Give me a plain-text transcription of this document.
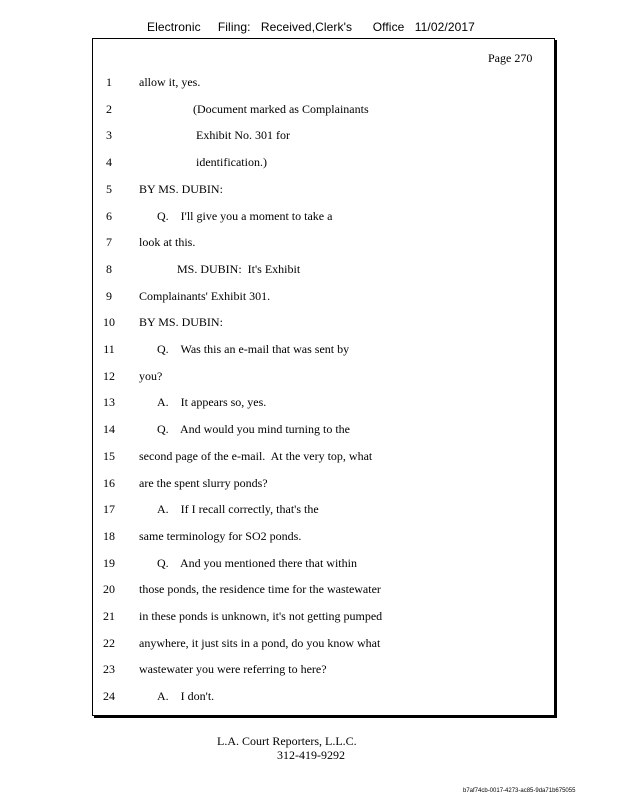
Electronic     Filing:   Received,Clerk's      Office   11/02/2017
Page 270
1	allow it, yes.
2	(Document marked as Complainants
3	Exhibit No. 301 for
4	identification.)
5	BY MS. DUBIN:
6	Q.    I'll give you a moment to take a
7	look at this.
8	MS. DUBIN:  It's Exhibit
9	Complainants' Exhibit 301.
10	BY MS. DUBIN:
11	Q.    Was this an e-mail that was sent by
12	you?
13	A.    It appears so, yes.
14	Q.    And would you mind turning to the
15	second page of the e-mail.  At the very top, what
16	are the spent slurry ponds?
17	A.    If I recall correctly, that's the
18	same terminology for SO2 ponds.
19	Q.    And you mentioned there that within
20	those ponds, the residence time for the wastewater
21	in these ponds is unknown, it's not getting pumped
22	anywhere, it just sits in a pond, do you know what
23	wastewater you were referring to here?
24	A.    I don't.
L.A. Court Reporters, L.L.C.
312-419-9292
b7af74cb-0017-4273-ac85-9da71b675055
